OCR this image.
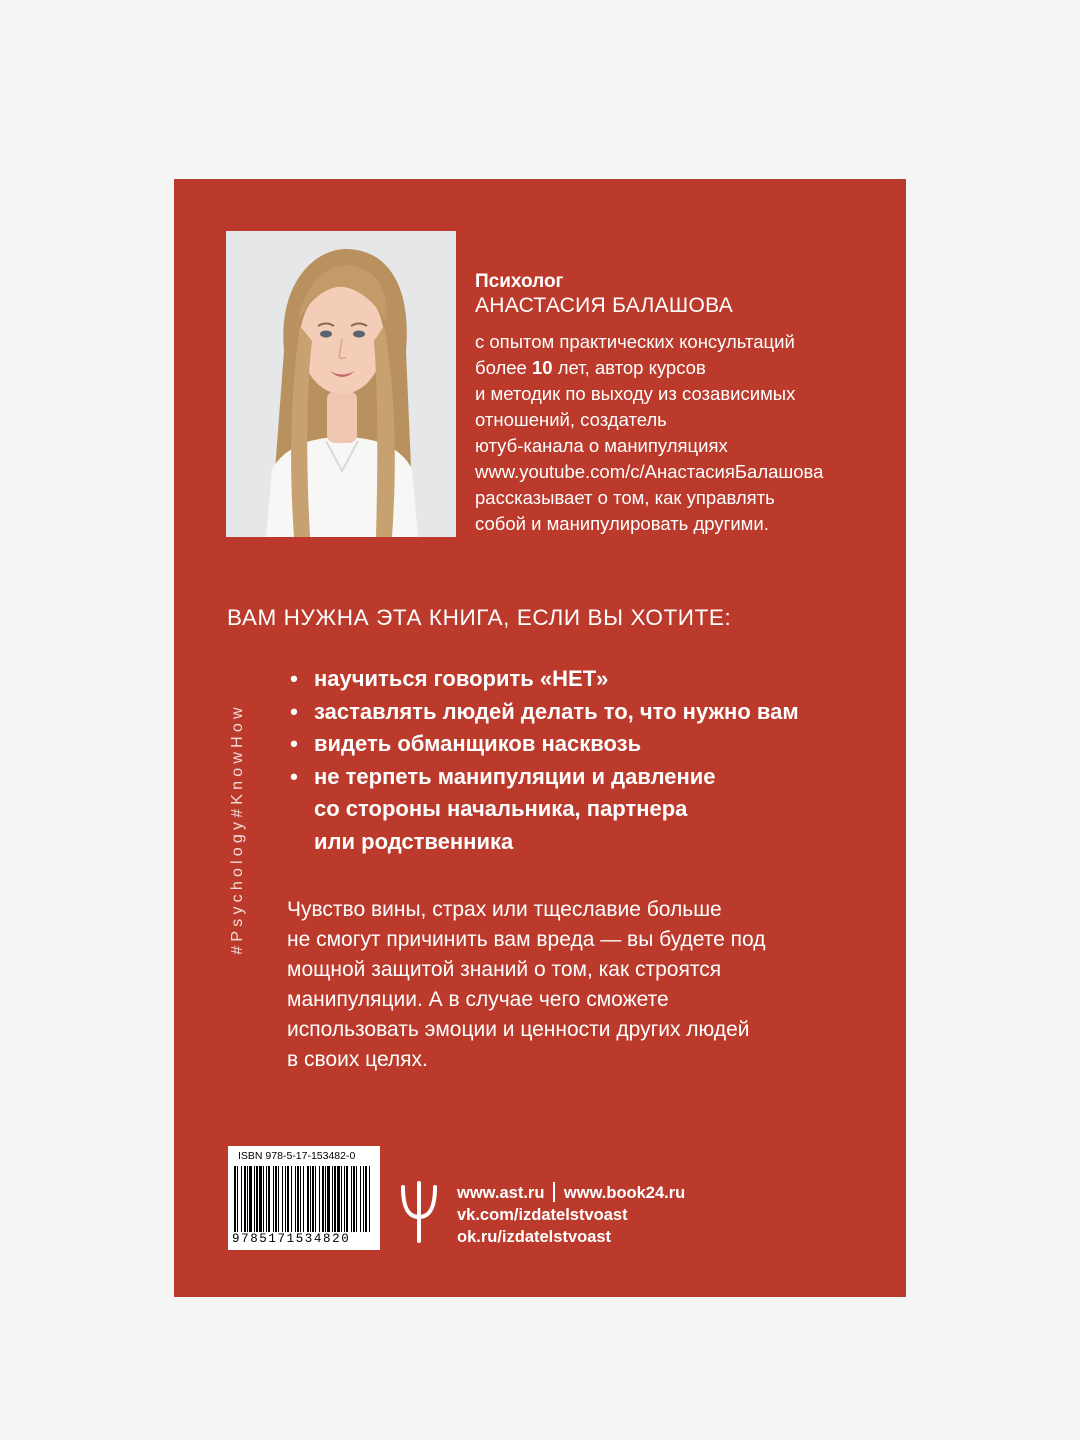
Психолог
АНАСТАСИЯ БАЛАШОВА
с опытом практических консультаций
более 10 лет, автор курсов
и методик по выходу из созависимых
отношений, создатель
ютуб-канала о манипуляциях
www.youtube.com/c/АнастасияБалашова
рассказывает о том, как управлять
собой и манипулировать другими.
ВАМ НУЖНА ЭТА КНИГА, ЕСЛИ ВЫ ХОТИТЕ:
#Psychology#KnowHow
• научиться говорить «НЕТ»
• заставлять людей делать то, что нужно вам
• видеть обманщиков насквозь
• не терпеть манипуляции и давление
со стороны начальника, партнера
или родственника
Чувство вины, страх или тщеславие больше
не смогут причинить вам вреда — вы будете под
мощной защитой знаний о том, как строятся
манипуляции. А в случае чего сможете
использовать эмоции и ценности других людей
в своих целях.
ISBN 978-5-17-153482-0
9785171534820
www.ast.ru www.book24.ru
vk.com/izdatelstvoast
ok.ru/izdatelstvoast
